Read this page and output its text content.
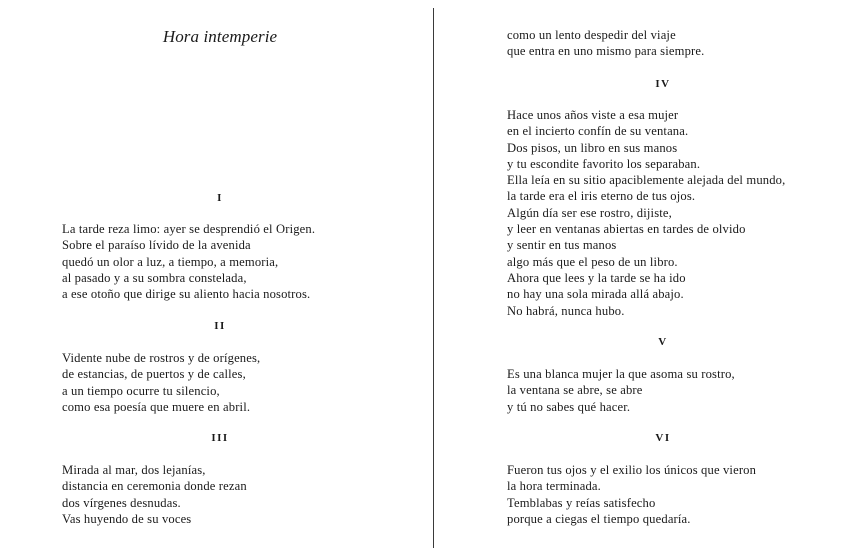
Hora intemperie
I
La tarde reza limo: ayer se desprendió el Origen.
Sobre el paraíso lívido de la avenida
quedó un olor a luz, a tiempo, a memoria,
al pasado y a su sombra constelada,
a ese otoño que dirige su aliento hacia nosotros.
II
Vidente nube de rostros y de orígenes,
de estancias, de puertos y de calles,
a un tiempo ocurre tu silencio,
como esa poesía que muere en abril.
III
Mirada al mar, dos lejanías,
distancia en ceremonia donde rezan
dos vírgenes desnudas.
Vas huyendo de su voces
como un lento despedir del viaje
que entra en uno mismo para siempre.
IV
Hace unos años viste a esa mujer
en el incierto confín de su ventana.
Dos pisos, un libro en sus manos
y tu escondite favorito los separaban.
Ella leía en su sitio apaciblemente alejada del mundo,
la tarde era el iris eterno de tus ojos.
Algún día ser ese rostro, dijiste,
y leer en ventanas abiertas en tardes de olvido
y sentir en tus manos
algo más que el peso de un libro.
Ahora que lees y la tarde se ha ido
no hay una sola mirada allá abajo.
No habrá, nunca hubo.
V
Es una blanca mujer la que asoma su rostro,
la ventana se abre, se abre
y tú no sabes qué hacer.
VI
Fueron tus ojos y el exilio los únicos que vieron
la hora terminada.
Temblabas y reías satisfecho
porque a ciegas el tiempo quedaría.
